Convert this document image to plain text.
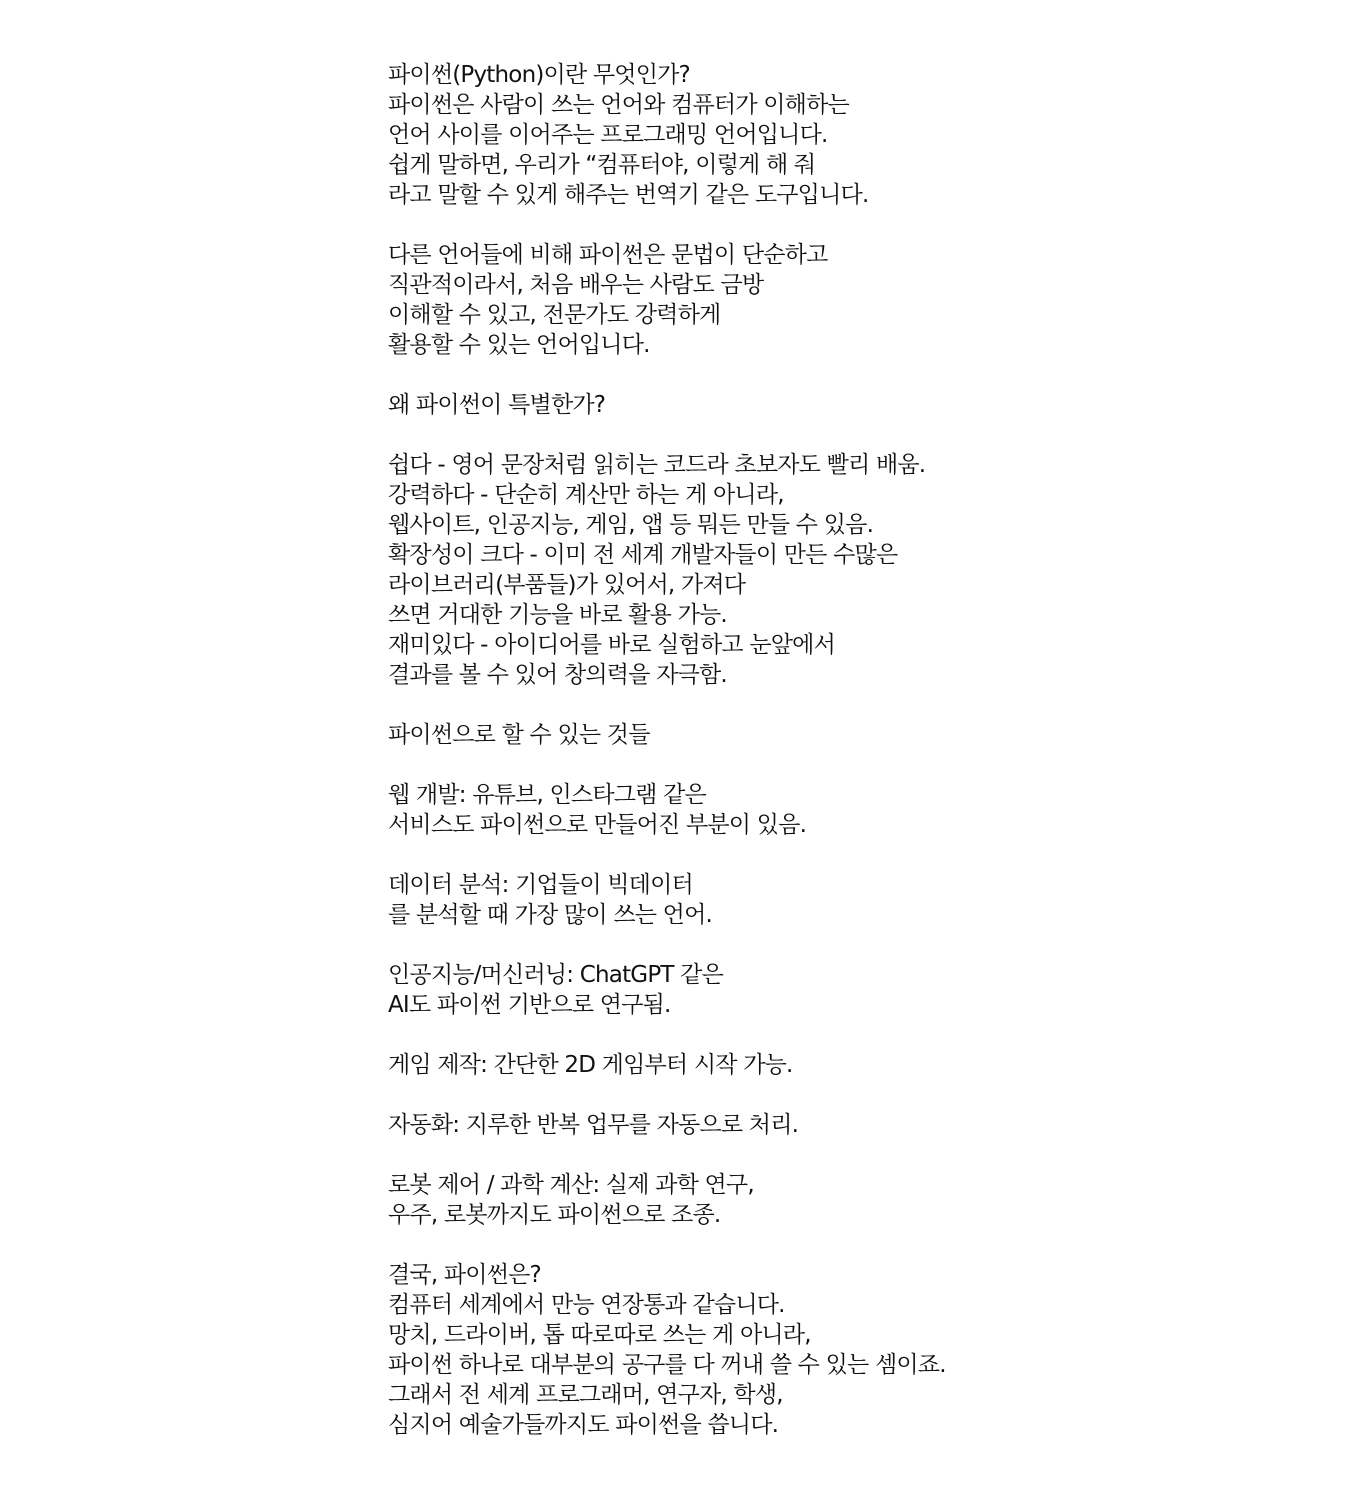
파이썬(Python)이란 무엇인가?
파이썬은 사람이 쓰는 언어와 컴퓨터가 이해하는
언어 사이를 이어주는 프로그래밍 언어입니다.
쉽게 말하면, 우리가 “컴퓨터야, 이렇게 해 줘
라고 말할 수 있게 해주는 번역기 같은 도구입니다.
다른 언어들에 비해 파이썬은 문법이 단순하고
직관적이라서, 처음 배우는 사람도 금방
이해할 수 있고, 전문가도 강력하게
활용할 수 있는 언어입니다.
왜 파이썬이 특별한가?
쉽다 - 영어 문장처럼 읽히는 코드라 초보자도 빨리 배움.
강력하다 - 단순히 계산만 하는 게 아니라,
웹사이트, 인공지능, 게임, 앱 등 뭐든 만들 수 있음.
확장성이 크다 - 이미 전 세계 개발자들이 만든 수많은
라이브러리(부품들)가 있어서, 가져다
쓰면 거대한 기능을 바로 활용 가능.
재미있다 - 아이디어를 바로 실험하고 눈앞에서
결과를 볼 수 있어 창의력을 자극함.
파이썬으로 할 수 있는 것들
웹 개발: 유튜브, 인스타그램 같은
서비스도 파이썬으로 만들어진 부분이 있음.
데이터 분석: 기업들이 빅데이터
를 분석할 때 가장 많이 쓰는 언어.
인공지능/머신러닝: ChatGPT 같은
AI도 파이썬 기반으로 연구됨.
게임 제작: 간단한 2D 게임부터 시작 가능.
자동화: 지루한 반복 업무를 자동으로 처리.
로봇 제어 / 과학 계산: 실제 과학 연구,
우주, 로봇까지도 파이썬으로 조종.
결국, 파이썬은?
컴퓨터 세계에서 만능 연장통과 같습니다.
망치, 드라이버, 톱 따로따로 쓰는 게 아니라,
파이썬 하나로 대부분의 공구를 다 꺼내 쓸 수 있는 셈이죠.
그래서 전 세계 프로그래머, 연구자, 학생,
심지어 예술가들까지도 파이썬을 씁니다.
